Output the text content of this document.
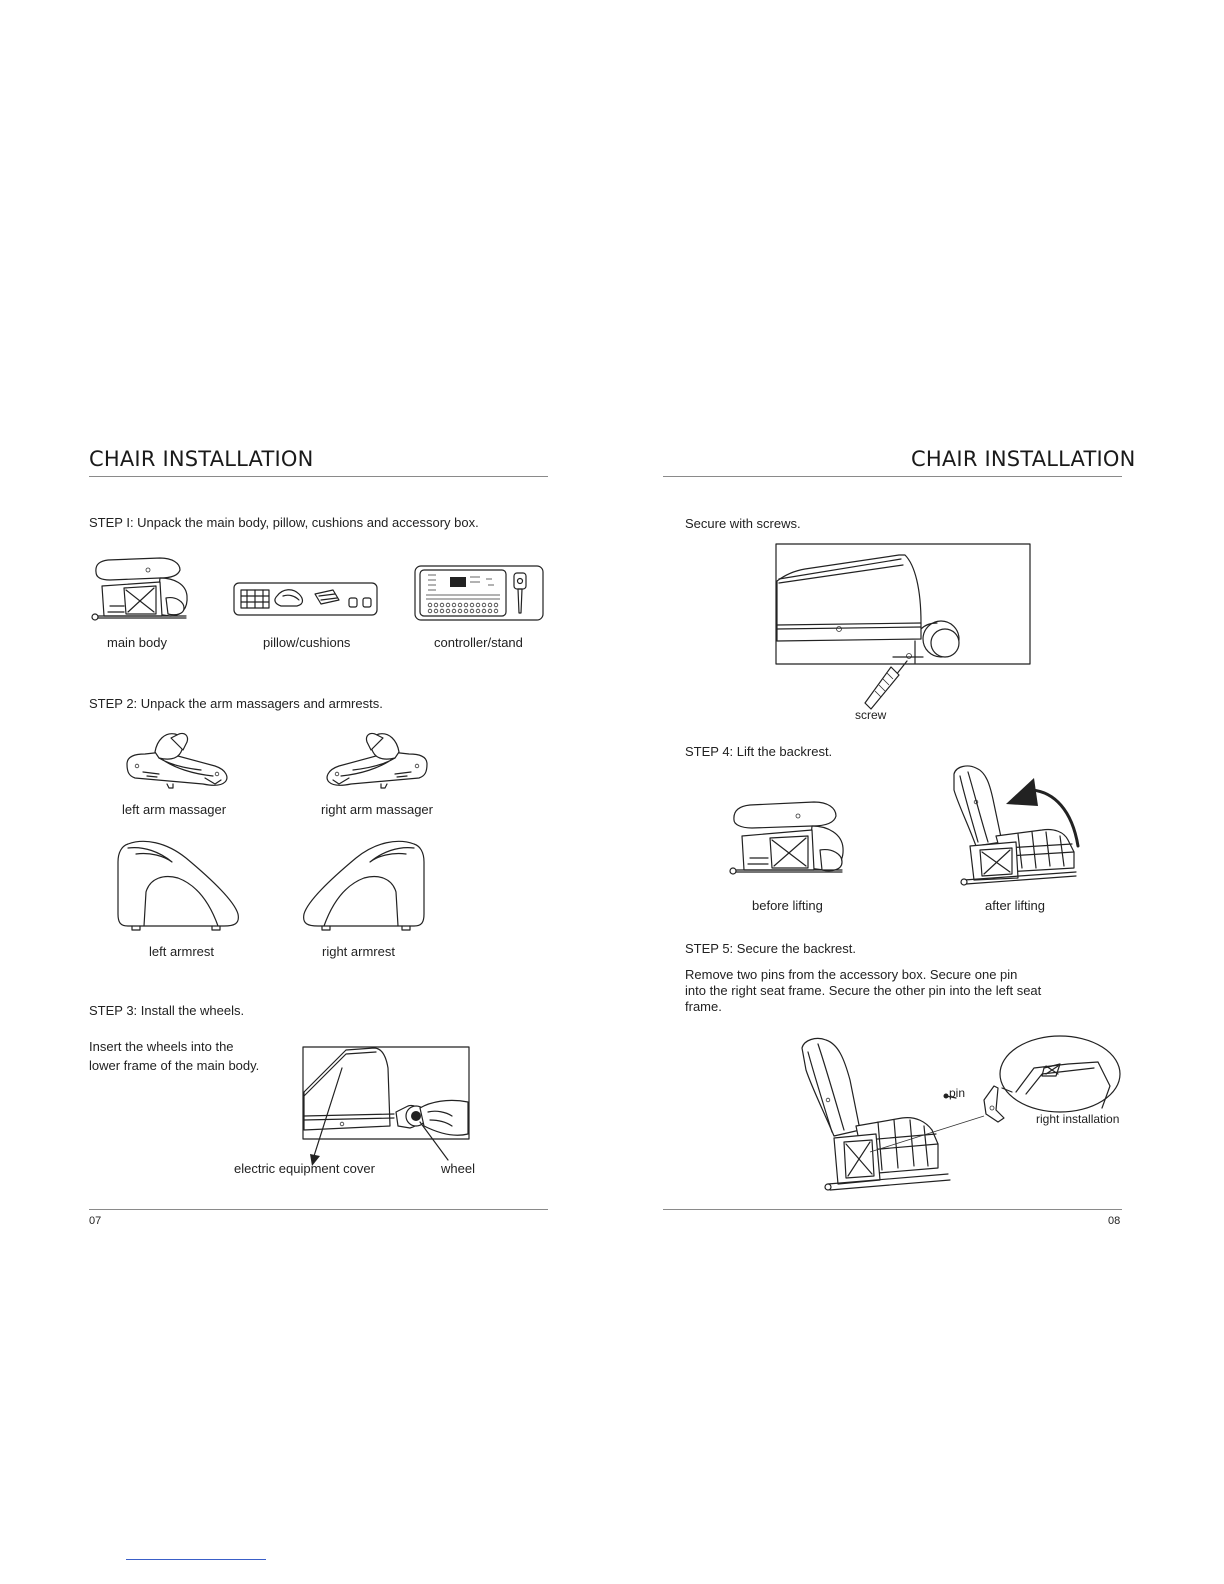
CHAIR INSTALLATION
STEP I: Unpack the main body, pillow, cushions and accessory box.
main body	pillow/cushions	controller/stand
STEP 2: Unpack the arm massagers and armrests.
left arm massager	right arm massager
left armrest	right armrest
STEP 3: Install the wheels.
Insert the wheels into the
lower frame of the main body.
electric equipment cover	wheel
07
CHAIR INSTALLATION
Secure with screws.
screw
STEP 4: Lift the backrest.
before lifting	after lifting
STEP 5: Secure the backrest.
Remove two pins from the accessory box. Secure one pin
into the right seat frame. Secure the other pin into the left seat
frame.
pin
right installation
08
